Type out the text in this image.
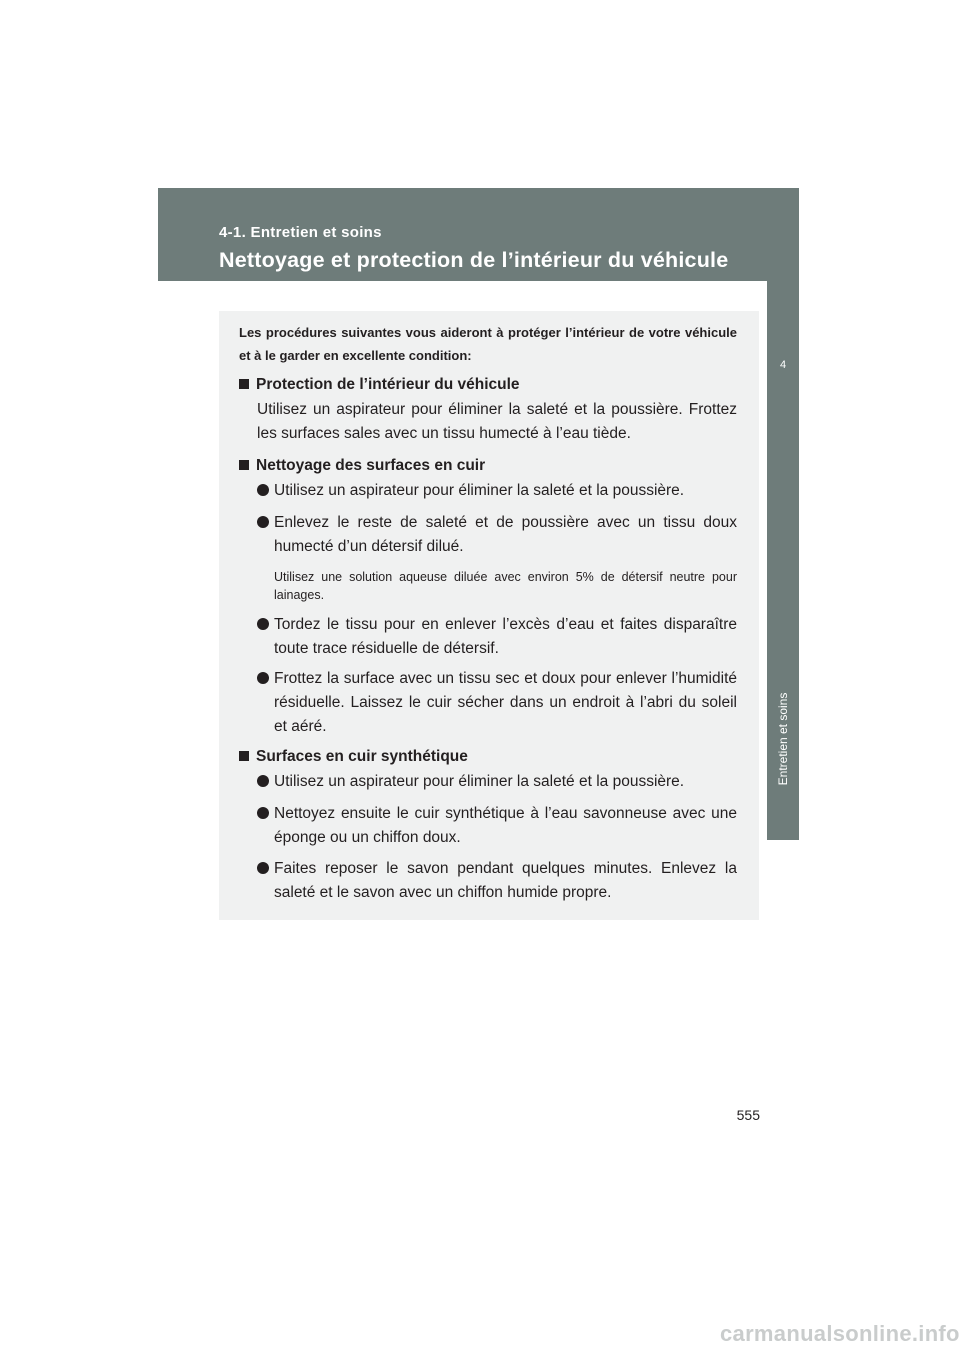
4-1. Entretien et soins
Nettoyage et protection de l’intérieur du véhicule
4
Entretien et soins

Les procédures suivantes vous aideront à protéger l’intérieur de votre véhicule et à le garder en excellente condition:

Protection de l’intérieur du véhicule

Utilisez un aspirateur pour éliminer la saleté et la poussière. Frottez les surfaces sales avec un tissu humecté à l’eau tiède.

Nettoyage des surfaces en cuir

Utilisez un aspirateur pour éliminer la saleté et la poussière.

Enlevez le reste de saleté et de poussière avec un tissu doux humecté d’un détersif dilué.

Utilisez une solution aqueuse diluée avec environ 5% de détersif neutre pour lainages.

Tordez le tissu pour en enlever l’excès d’eau et faites disparaître toute trace résiduelle de détersif.

Frottez la surface avec un tissu sec et doux pour enlever l’humidité résiduelle. Laissez le cuir sécher dans un endroit à l’abri du soleil et aéré.

Surfaces en cuir synthétique

Utilisez un aspirateur pour éliminer la saleté et la poussière.

Nettoyez ensuite le cuir synthétique à l’eau savonneuse avec une éponge ou un chiffon doux.

Faites reposer le savon pendant quelques minutes. Enlevez la saleté et le savon avec un chiffon humide propre.

555
carmanualsonline.info
